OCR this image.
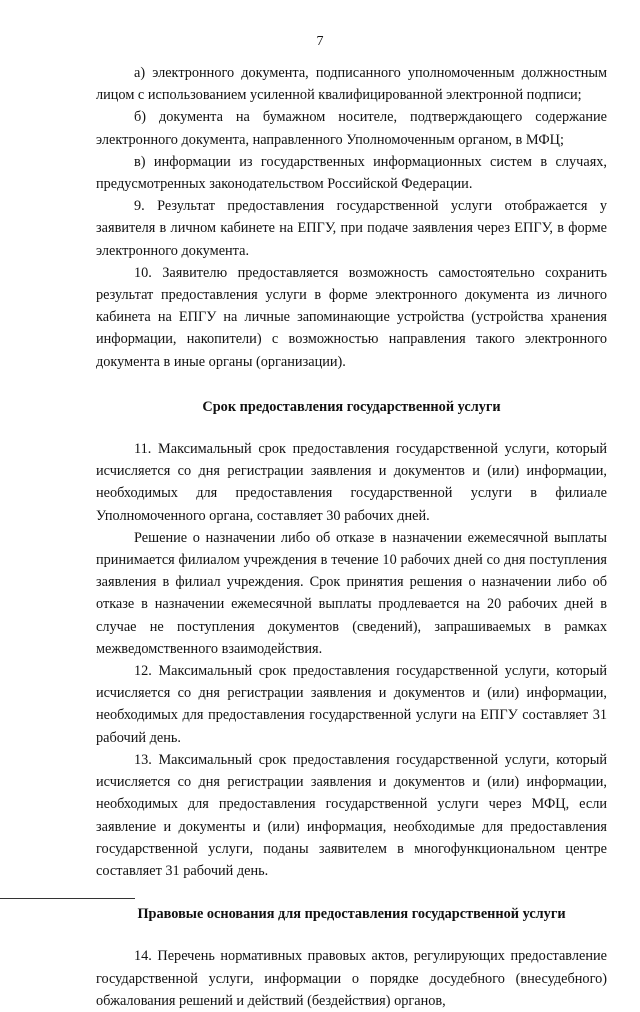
7

а) электронного документа, подписанного уполномоченным должностным лицом с использованием усиленной квалифицированной электронной подписи;

б) документа на бумажном носителе, подтверждающего содержание электронного документа, направленного Уполномоченным органом, в МФЦ;

в) информации из государственных информационных систем в случаях, предусмотренных законодательством Российской Федерации.

9. Результат предоставления государственной услуги отображается у заявителя в личном кабинете на ЕПГУ, при подаче заявления через ЕПГУ, в форме электронного документа.

10. Заявителю предоставляется возможность самостоятельно сохранить результат предоставления услуги в форме электронного документа из личного кабинета на ЕПГУ на личные запоминающие устройства (устройства хранения информации, накопители) с возможностью направления такого электронного документа в иные органы (организации).

Срок предоставления государственной услуги

11. Максимальный срок предоставления государственной услуги, который исчисляется со дня регистрации заявления и документов и (или) информации, необходимых для предоставления государственной услуги в филиале Уполномоченного органа, составляет 30 рабочих дней.

Решение о назначении либо об отказе в назначении ежемесячной выплаты принимается филиалом учреждения в течение 10 рабочих дней со дня поступления заявления в филиал учреждения. Срок принятия решения о назначении либо об отказе в назначении ежемесячной выплаты продлевается на 20 рабочих дней в случае не поступления документов (сведений), запрашиваемых в рамках межведомственного взаимодействия.

12. Максимальный срок предоставления государственной услуги, который исчисляется со дня регистрации заявления и документов и (или) информации, необходимых для предоставления государственной услуги на ЕПГУ составляет 31 рабочий день.

13. Максимальный срок предоставления государственной услуги, который исчисляется со дня регистрации заявления и документов и (или) информации, необходимых для предоставления государственной услуги через МФЦ, если заявление и документы и (или) информация, необходимые для предоставления государственной услуги, поданы заявителем в многофункциональном центре составляет 31 рабочий день.

Правовые основания для предоставления государственной услуги

14. Перечень нормативных правовых актов, регулирующих предоставление государственной услуги, информации о порядке досудебного (внесудебного) обжалования решений и действий (бездействия) органов,
